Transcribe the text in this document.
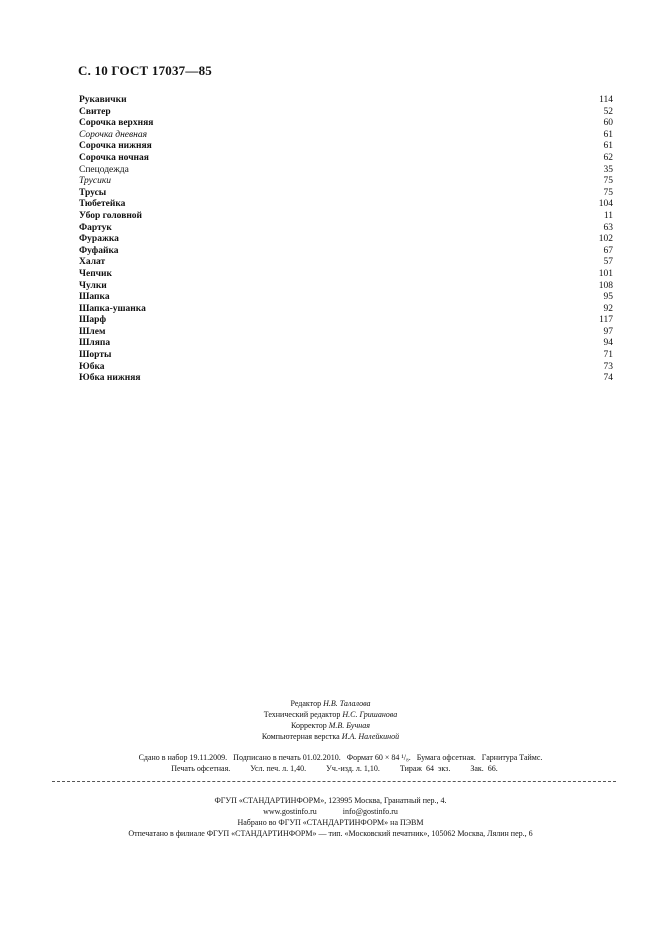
С. 10 ГОСТ 17037—85
Рукавички	114
Свитер	52
Сорочка верхняя	60
Сорочка дневная	61
Сорочка нижняя	61
Сорочка ночная	62
Спецодежда	35
Трусики	75
Трусы	75
Тюбетейка	104
Убор головной	11
Фартук	63
Фуражка	102
Фуфайка	67
Халат	57
Чепчик	101
Чулки	108
Шапка	95
Шапка-ушанка	92
Шарф	117
Шлем	97
Шляпа	94
Шорты	71
Юбка	73
Юбка нижняя	74
Редактор Н.В. Талалова
Технический редактор Н.С. Гришанова
Корректор М.В. Бучная
Компьютерная верстка И.А. Налейкиной
Сдано в набор 19.11.2009.   Подписано в печать 01.02.2010.   Формат 60 × 84 ¹/₈.   Бумага офсетная.   Гарнитура Таймс.
Печать офсетная.	Усл. печ. л. 1,40.	Уч.-изд. л. 1,10.	Тираж  64  экз.	Зак.  66.
ФГУП «СТАНДАРТИНФОРМ», 123995 Москва, Гранатный пер., 4.
www.gostinfo.ru	info@gostinfo.ru
Набрано во ФГУП «СТАНДАРТИНФОРМ» на ПЭВМ
Отпечатано в филиале ФГУП «СТАНДАРТИНФОРМ» — тип. «Московский печатник», 105062 Москва, Лялин пер., 6
